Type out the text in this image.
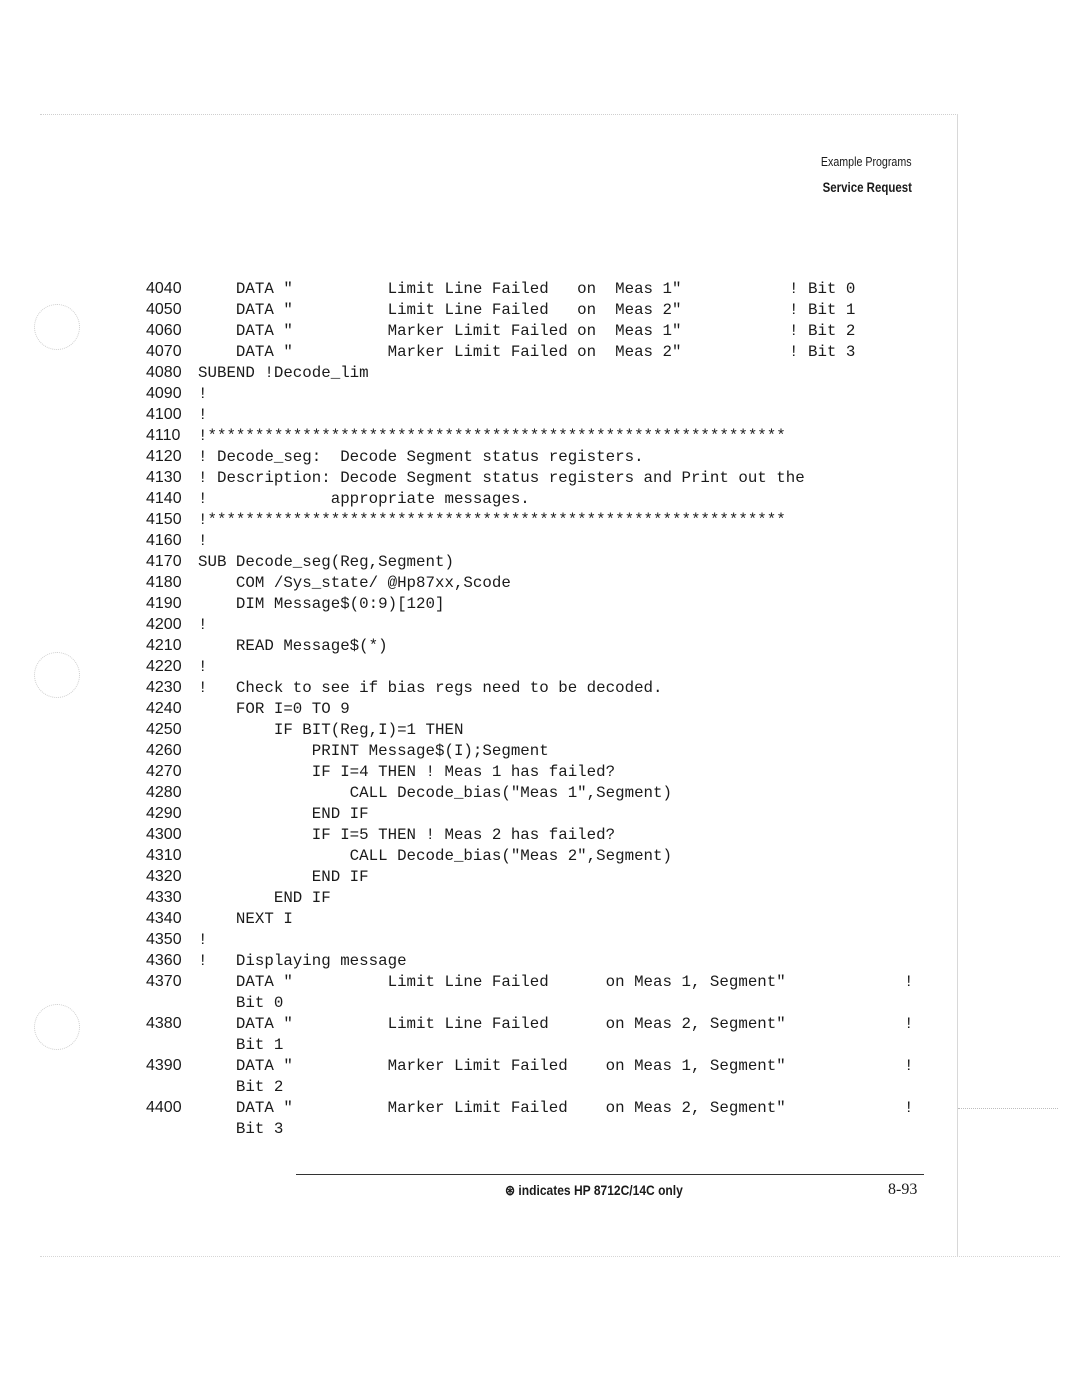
Example Programs
Service Request
4040 DATA "          Limit Line Failed   on  Meas 1"	! Bit 0
4050 DATA "          Limit Line Failed   on  Meas 2"	! Bit 1
4060 DATA "          Marker Limit Failed on  Meas 1"	! Bit 2
4070 DATA "          Marker Limit Failed on  Meas 2"	! Bit 3
4080 SUBEND !Decode_lim
4090 !
4100 !
4110 !*************************************************************
4120 ! Decode_seg:  Decode Segment status registers.
4130 ! Description: Decode Segment status registers and Print out the
4140 !             appropriate messages.
4150 !*************************************************************
4160 !
4170 SUB Decode_seg(Reg,Segment)
4180 COM /Sys_state/ @Hp87xx,Scode
4190 DIM Message$(0:9)[120]
4200 !
4210 READ Message$(*)
4220 !
4230 !   Check to see if bias regs need to be decoded.
4240 FOR I=0 TO 9
4250 IF BIT(Reg,I)=1 THEN
4260 PRINT Message$(I);Segment
4270 IF I=4 THEN ! Meas 1 has failed?
4280 CALL Decode_bias("Meas 1",Segment)
4290 END IF
4300 IF I=5 THEN ! Meas 2 has failed?
4310 CALL Decode_bias("Meas 2",Segment)
4320 END IF
4330 END IF
4340 NEXT I
4350 !
4360 !   Displaying message
4370 DATA "          Limit Line Failed      on Meas 1, Segment"	!
Bit 0
4380 DATA "          Limit Line Failed      on Meas 2, Segment"	!
Bit 1
4390 DATA "          Marker Limit Failed    on Meas 1, Segment"	!
Bit 2
4400 DATA "          Marker Limit Failed    on Meas 2, Segment"	!
Bit 3
⊛ indicates HP 8712C/14C only	8-93
